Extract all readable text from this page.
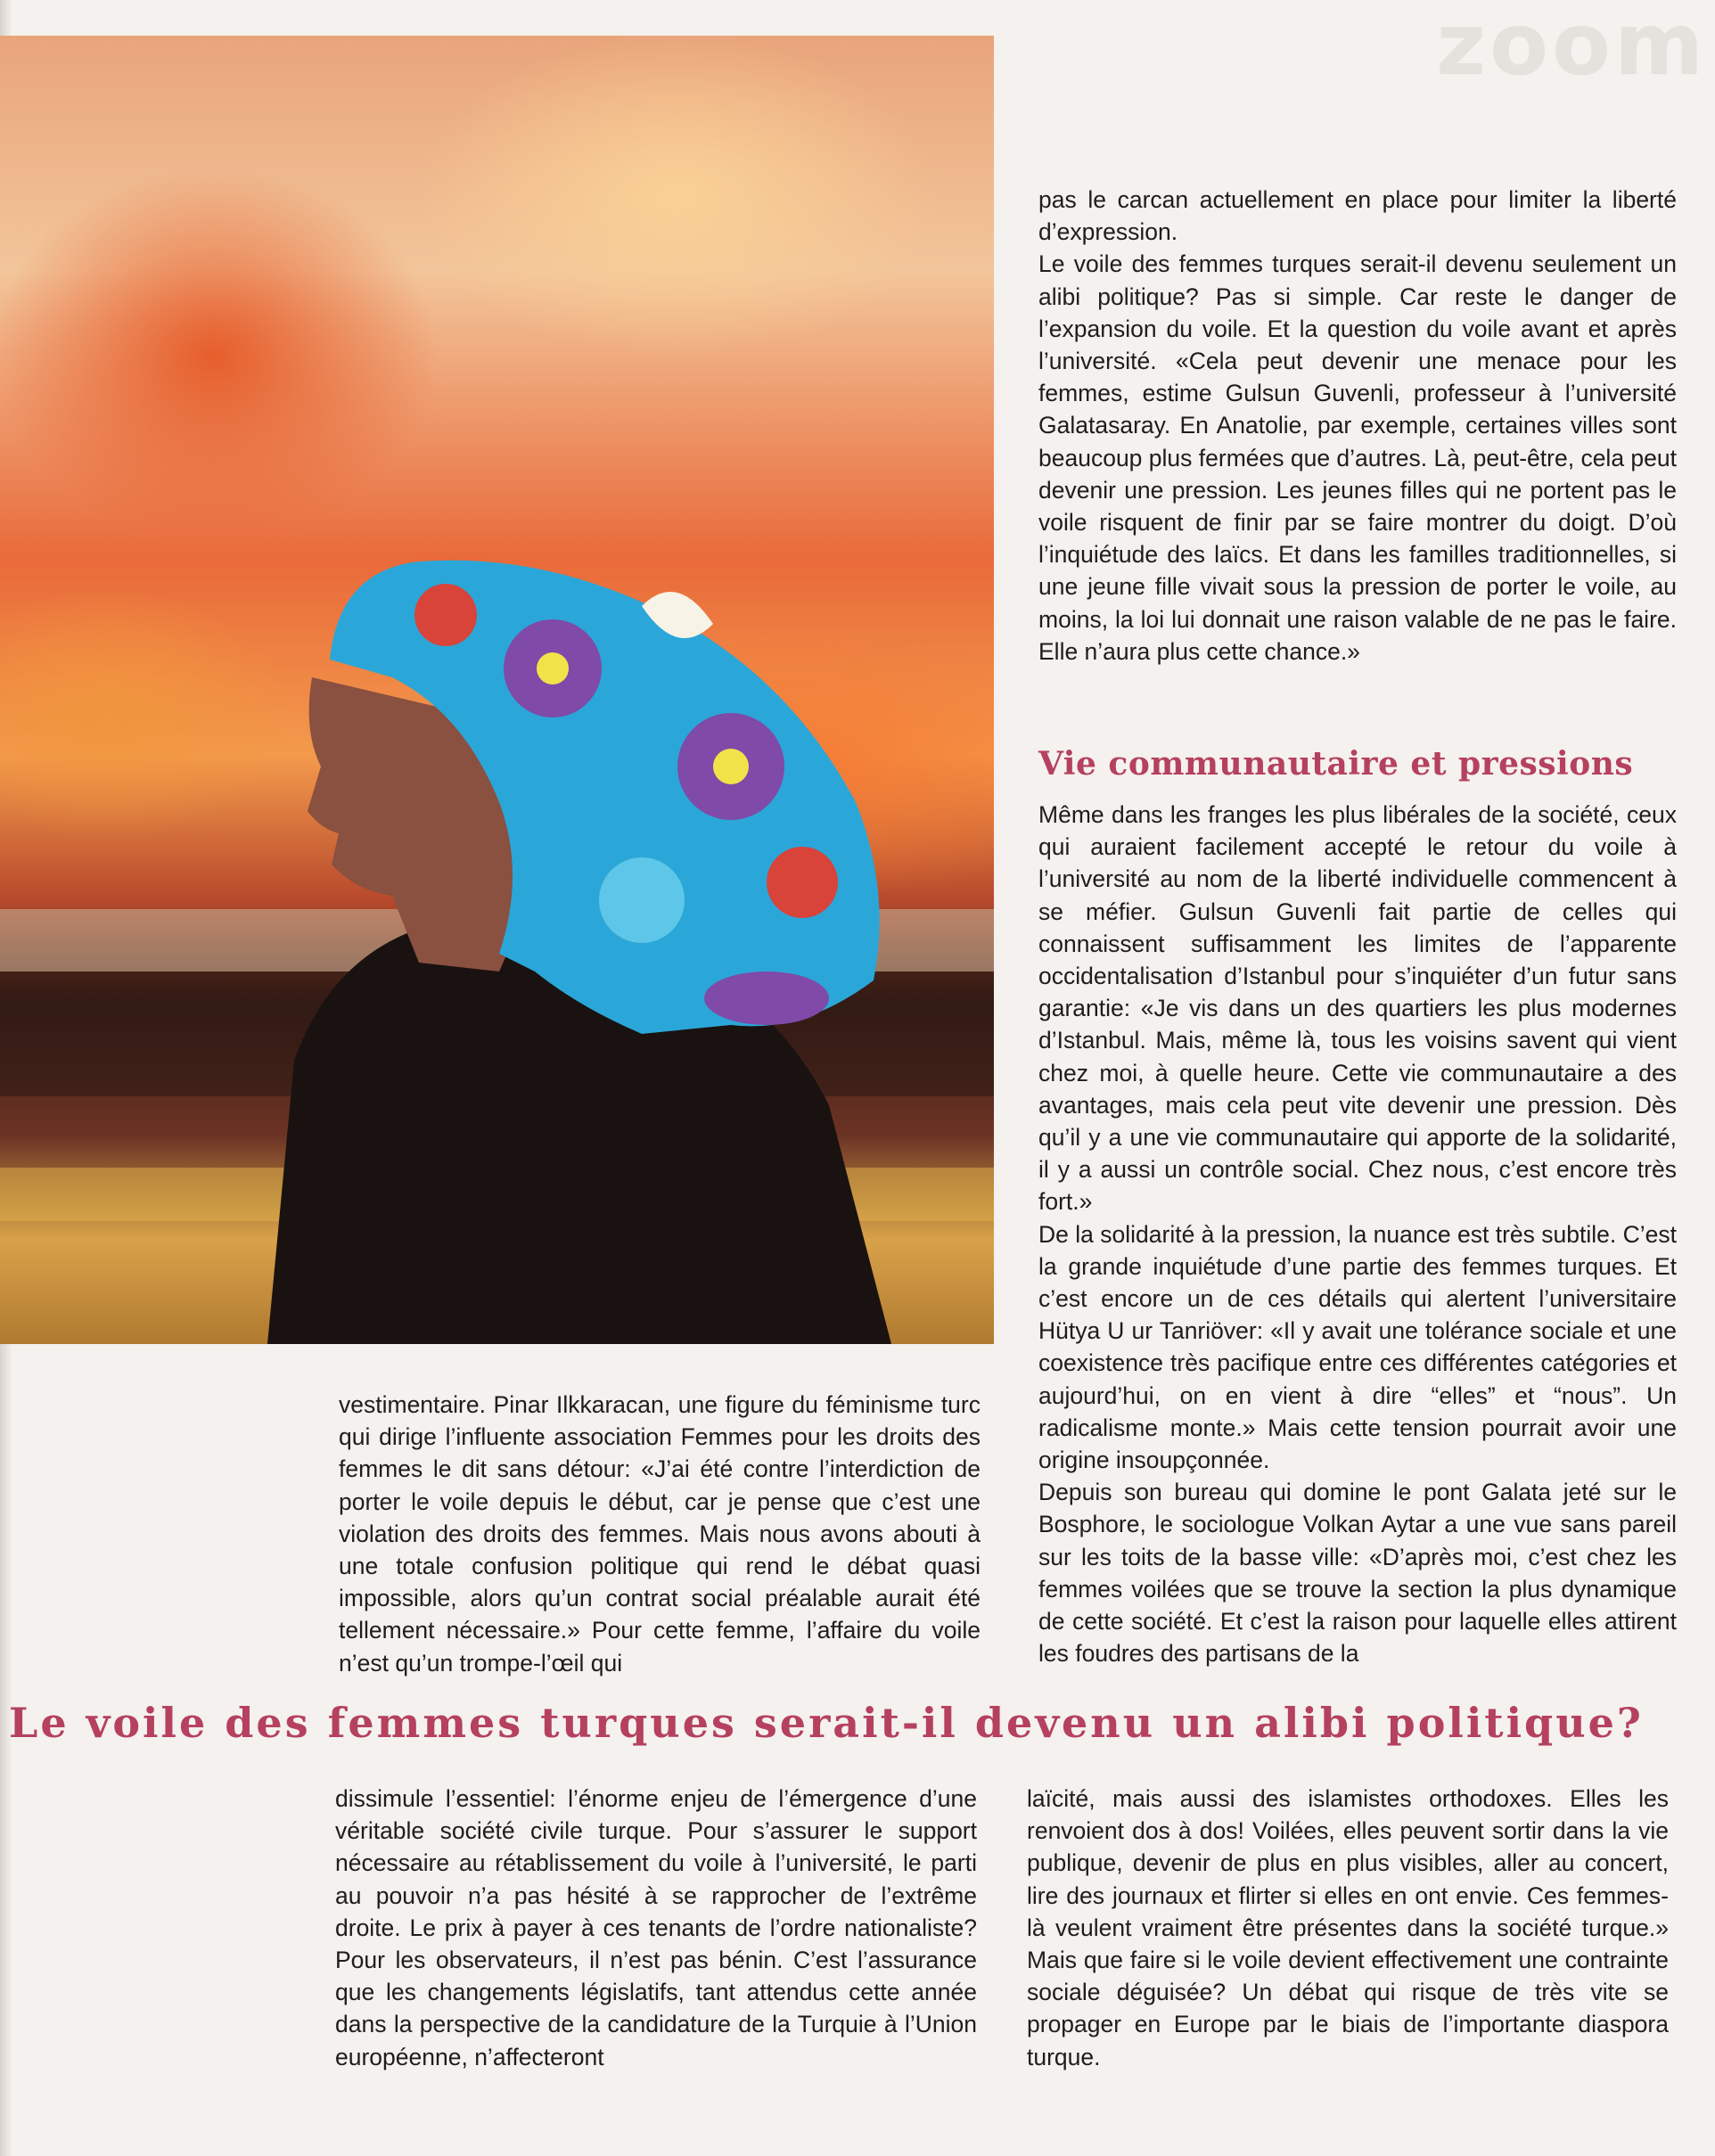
zoom

pas le carcan actuellement en place pour limiter la liberté d’expression.

Le voile des femmes turques serait-il devenu seulement un alibi politique? Pas si simple. Car reste le danger de l’expansion du voile. Et la question du voile avant et après l’université. «Cela peut devenir une menace pour les femmes, estime Gulsun Guvenli, professeur à l’université Galatasaray. En Anatolie, par exemple, certaines villes sont beaucoup plus fermées que d’autres. Là, peut-être, cela peut devenir une pression. Les jeunes filles qui ne portent pas le voile risquent de finir par se faire montrer du doigt. D’où l’inquiétude des laïcs. Et dans les familles traditionnelles, si une jeune fille vivait sous la pression de porter le voile, au moins, la loi lui donnait une raison valable de ne pas le faire. Elle n’aura plus cette chance.»

Vie communautaire et pressions

Même dans les franges les plus libérales de la société, ceux qui auraient facilement accepté le retour du voile à l’université au nom de la liberté individuelle commencent à se méfier. Gulsun Guvenli fait partie de celles qui connaissent suffisamment les limites de l’apparente occidentalisation d’Istanbul pour s’inquiéter d’un futur sans garantie: «Je vis dans un des quartiers les plus modernes d’Istanbul. Mais, même là, tous les voisins savent qui vient chez moi, à quelle heure. Cette vie communautaire a des avantages, mais cela peut vite devenir une pression. Dès qu’il y a une vie communautaire qui apporte de la solidarité, il y a aussi un contrôle social. Chez nous, c’est encore très fort.»

De la solidarité à la pression, la nuance est très subtile. C’est la grande inquiétude d’une partie des femmes turques. Et c’est encore un de ces détails qui alertent l’universitaire Hütya U ur Tanriöver: «Il y avait une tolérance sociale et une coexistence très pacifique entre ces différentes catégories et aujourd’hui, on en vient à dire “elles” et “nous”. Un radicalisme monte.» Mais cette tension pourrait avoir une origine insoupçonnée.

Depuis son bureau qui domine le pont Galata jeté sur le Bosphore, le sociologue Volkan Aytar a une vue sans pareil sur les toits de la basse ville: «D’après moi, c’est chez les femmes voilées que se trouve la section la plus dynamique de cette société. Et c’est la raison pour laquelle elles attirent les foudres des partisans de la

vestimentaire. Pinar Ilkkaracan, une figure du féminisme turc qui dirige l’influente association Femmes pour les droits des femmes le dit sans détour: «J’ai été contre l’interdiction de porter le voile depuis le début, car je pense que c’est une violation des droits des femmes. Mais nous avons abouti à une totale confusion politique qui rend le débat quasi impossible, alors qu’un contrat social préalable aurait été tellement nécessaire.» Pour cette femme, l’affaire du voile n’est qu’un trompe-l’œil qui

Le voile des femmes turques serait-il devenu un alibi politique?

dissimule l’essentiel: l’énorme enjeu de l’émergence d’une véritable société civile turque. Pour s’assurer le support nécessaire au rétablissement du voile à l’université, le parti au pouvoir n’a pas hésité à se rapprocher de l’extrême droite. Le prix à payer à ces tenants de l’ordre nationaliste? Pour les observateurs, il n’est pas bénin. C’est l’assurance que les changements législatifs, tant attendus cette année dans la perspective de la candidature de la Turquie à l’Union européenne, n’affecteront

laïcité, mais aussi des islamistes orthodoxes. Elles les renvoient dos à dos! Voilées, elles peuvent sortir dans la vie publique, devenir de plus en plus visibles, aller au concert, lire des journaux et flirter si elles en ont envie. Ces femmes-là veulent vraiment être présentes dans la société turque.» Mais que faire si le voile devient effectivement une contrainte sociale déguisée? Un débat qui risque de très vite se propager en Europe par le biais de l’importante diaspora turque.
